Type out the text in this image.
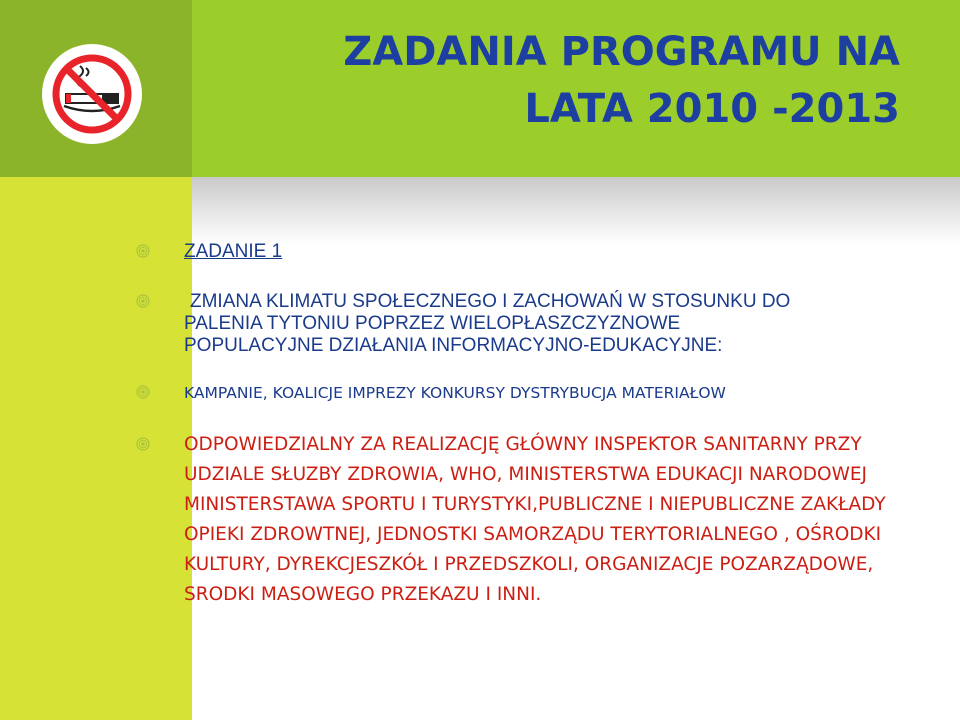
ZADANIA PROGRAMU NA
LATA 2010 -2013
ZADANIE 1
ZMIANA KLIMATU SPOŁECZNEGO I ZACHOWAŃ W STOSUNKU DO
PALENIA TYTONIU POPRZEZ WIELOPŁASZCZYZNOWE
POPULACYJNE DZIAŁANIA INFORMACYJNO-EDUKACYJNE:
KAMPANIE, KOALICJE IMPREZY KONKURSY DYSTRYBUCJA MATERIAŁOW
ODPOWIEDZIALNY ZA REALIZACJĘ GŁÓWNY INSPEKTOR SANITARNY PRZY UDZIALE SŁUZBY ZDROWIA, WHO, MINISTERSTWA EDUKACJI NARODOWEJ MINISTERSTAWA SPORTU I TURYSTYKI,PUBLICZNE I NIEPUBLICZNE ZAKŁADY OPIEKI ZDROWTNEJ, JEDNOSTKI SAMORZĄDU TERYTORIALNEGO , OŚRODKI KULTURY, DYREKCJESZKÓŁ I PRZEDSZKOLI, ORGANIZACJE POZARZĄDOWE, SRODKI MASOWEGO PRZEKAZU I INNI.
